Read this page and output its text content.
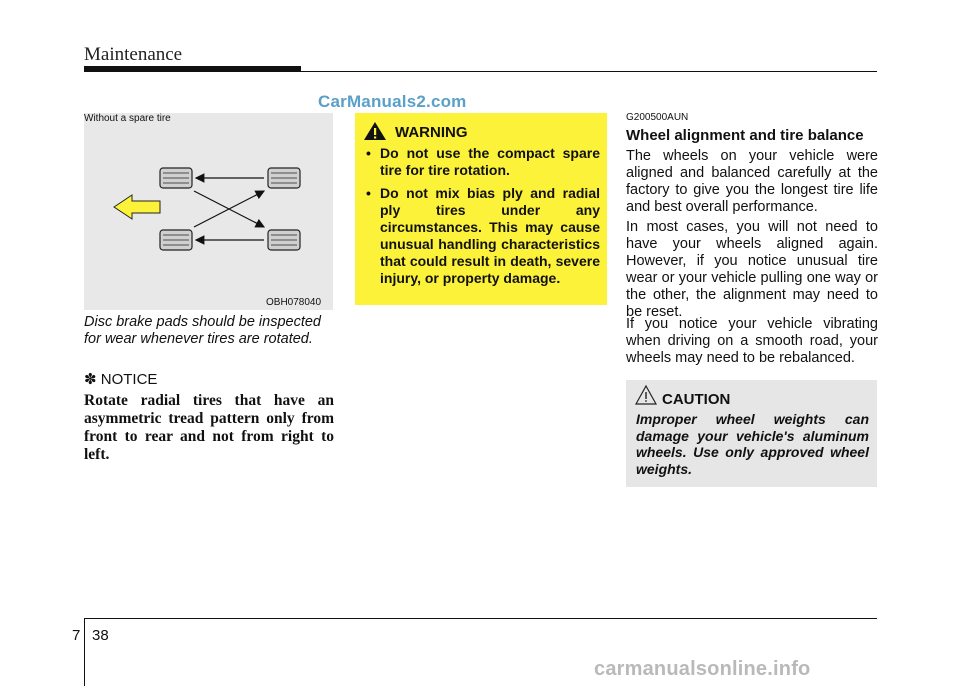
Maintenance
CarManuals2.com
Without a spare tire
OBH078040
Disc brake pads should be inspected for wear whenever tires are rotated.
✽ NOTICE
Rotate radial tires that have an asymmetric tread pattern only from front to rear and not from right to left.
WARNING
• Do not use the compact spare tire for tire rotation.
• Do not mix bias ply and radial ply tires under any circumstances. This may cause unusual handling characteristics that could result in death, severe injury, or property damage.
G200500AUN
Wheel alignment and tire balance
The wheels on your vehicle were aligned and balanced carefully at the factory to give you the longest tire life and best overall performance.
In most cases, you will not need to have your wheels aligned again. However, if you notice unusual tire wear or your vehicle pulling one way or the other, the alignment may need to be reset.
If you notice your vehicle vibrating when driving on a smooth road, your wheels may need to be rebalanced.
CAUTION
Improper wheel weights can damage your vehicle's aluminum wheels. Use only approved wheel weights.
7 38
carmanualsonline.info
